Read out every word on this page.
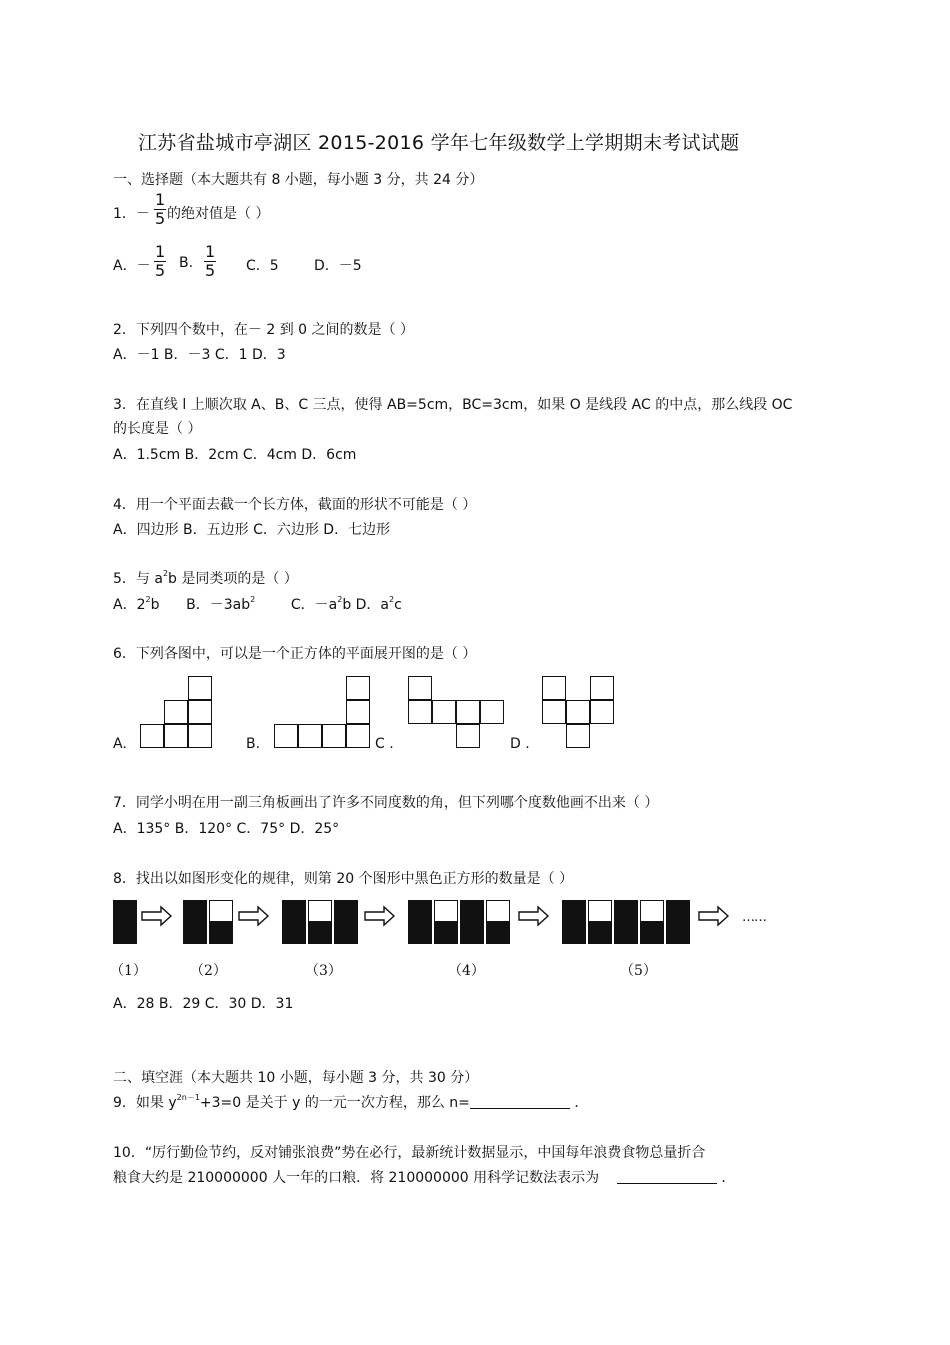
江苏省盐城市亭湖区 2015-2016 学年七年级数学上学期期末考试试题
一、选择题（本大题共有 8 小题，每小题 3 分，共 24 分）
1．－ $\frac{1}{5}$ 的绝对值是（ ）
A．－ $\frac{1}{5} B$. $\frac{1}{5}$ C．5	D．－5
2．下列四个数中，在－ 2 到 0 之间的数是（ ）
A．－1 B．－3 C．1 D．3
3．在直线 l 上顺次取 A、B、C 三点，使得 AB=5cm，BC=3cm，如果 O 是线段 AC 的中点，那么线段 OC
的长度是（ ）
A．1.5cm B．2cm C．4cm D．6cm
4．用一个平面去截一个长方体，截面的形状不可能是（ ）
A．四边形 B．五边形 C．六边形 D．七边形
5．与 $a^2b$ 是同类项的是（ ）
A．$2^2b$ B．$-3ab^2$	C．$-a^2b$ D．$a^2c$
6．下列各图中，可以是一个正方体的平面展开图的是（ ）
A.	B.	C .	D .
7．同学小明在用一副三角板画出了许多不同度数的角，但下列哪个度数他画不出来（ ）
A．135° B．120° C．75° D．25°
8．找出以如图形变化的规律，则第 20 个图形中黑色正方形的数量是（ ）
……
（1）	（2）	（3）	（4）	（5）
A．28 B．29 C．30 D．31
二、填空涯（本大题共 10 小题，每小题 3 分，共 30 分）
9．如果 $y^{2n-1}+3=0$ 是关于 y 的一元一次方程，那么 n=	．
10．“厉行勤俭节约，反对铺张浪费”势在必行，最新统计数据显示，中国每年浪费食物总量折合
粮食大约是 210000000 人一年的口粮．将 210000000 用科学记数法表示为	．
